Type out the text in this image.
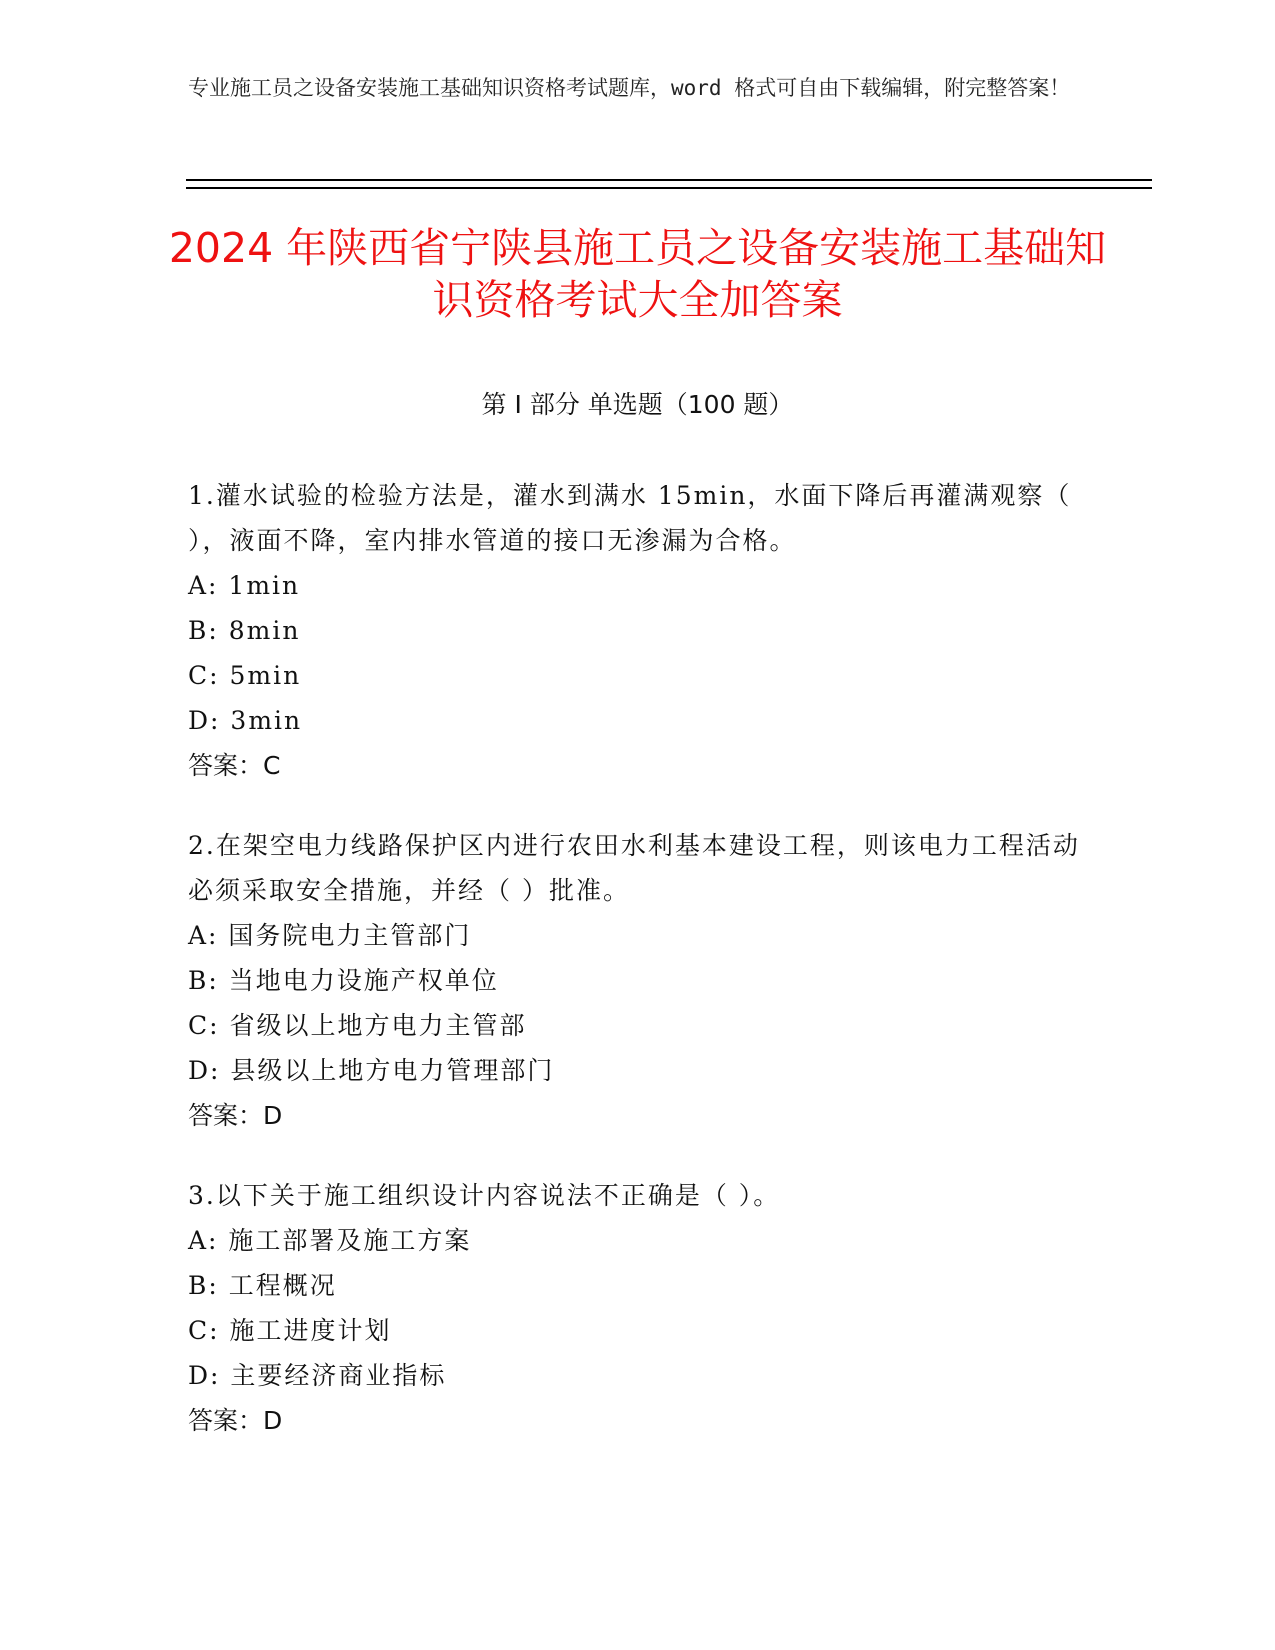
专业施工员之设备安装施工基础知识资格考试题库，word 格式可自由下载编辑，附完整答案！
2024 年陕西省宁陕县施工员之设备安装施工基础知识资格考试大全加答案
第 I 部分 单选题（100 题）
1.灌水试验的检验方法是，灌水到满水 15min，水面下降后再灌满观察（ ），液面不降，室内排水管道的接口无渗漏为合格。
A: 1min
B: 8min
C: 5min
D: 3min
答案：C
2.在架空电力线路保护区内进行农田水利基本建设工程，则该电力工程活动必须采取安全措施，并经（ ）批准。
A: 国务院电力主管部门
B: 当地电力设施产权单位
C: 省级以上地方电力主管部
D: 县级以上地方电力管理部门
答案：D
3.以下关于施工组织设计内容说法不正确是（ ）。
A: 施工部署及施工方案
B: 工程概况
C: 施工进度计划
D: 主要经济商业指标
答案：D
